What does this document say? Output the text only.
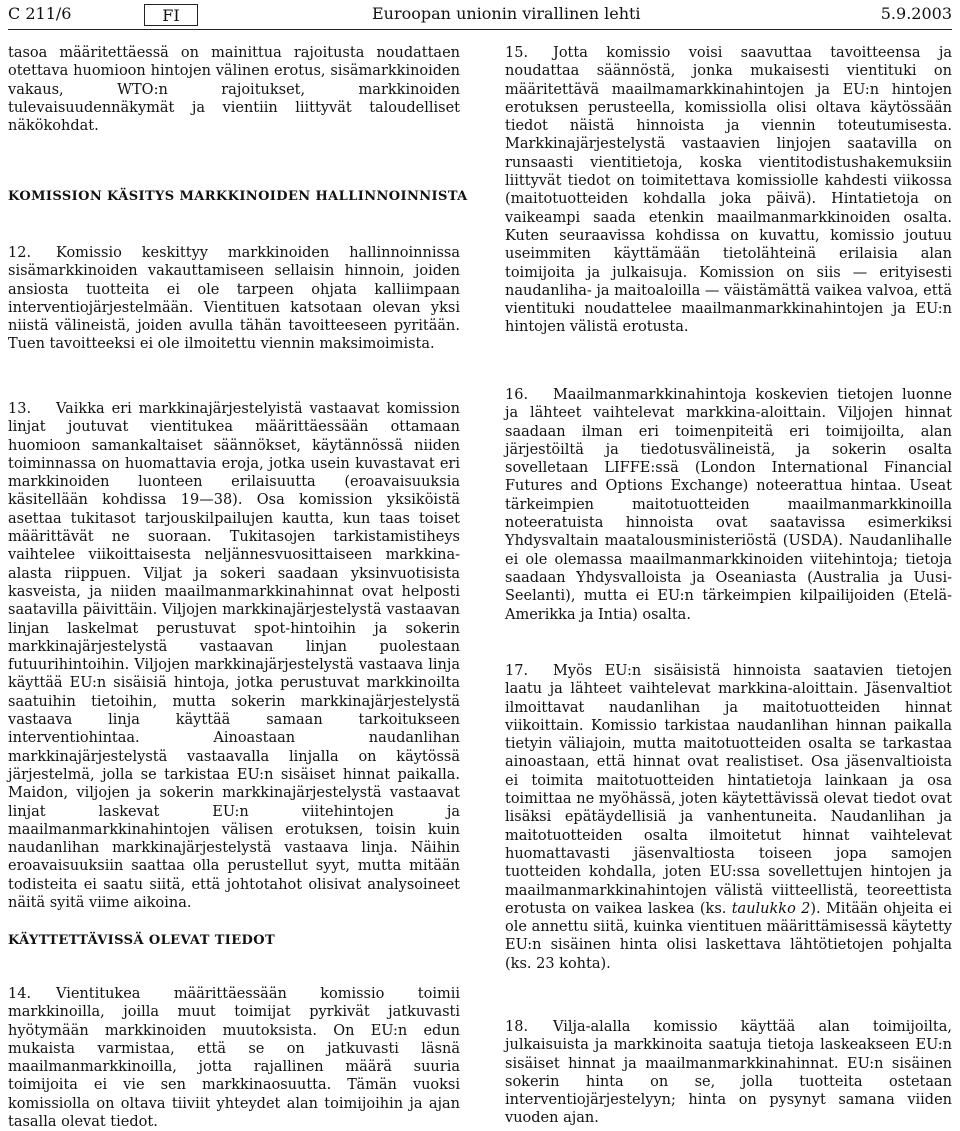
C 211/6	FI	Euroopan unionin virallinen lehti	5.9.2003
tasoa määritettäessä on mainittua rajoitusta noudattaen otettava huomioon hintojen välinen erotus, sisämarkkinoiden vakaus, WTO:n rajoitukset, markkinoiden tulevaisuudennäkymät ja vientiin liittyvät taloudelliset näkökohdat.
KOMISSION KÄSITYS MARKKINOIDEN HALLINNOINNISTA
12. Komissio keskittyy markkinoiden hallinnoinnissa sisämarkkinoiden vakauttamiseen sellaisin hinnoin, joiden ansiosta tuotteita ei ole tarpeen ohjata kalliimpaan interventiojärjestelmään. Vientituen katsotaan olevan yksi niistä välineistä, joiden avulla tähän tavoitteeseen pyritään. Tuen tavoitteeksi ei ole ilmoitettu viennin maksimoimista.
13. Vaikka eri markkinajärjestelyistä vastaavat komission linjat joutuvat vientitukea määrittäessään ottamaan huomioon samankaltaiset säännökset, käytännössä niiden toiminnassa on huomattavia eroja, jotka usein kuvastavat eri markkinoiden luonteen erilaisuutta (eroavaisuuksia käsitellään kohdissa 19—38). Osa komission yksiköistä asettaa tukitasot tarjouskilpailujen kautta, kun taas toiset määrittävät ne suoraan. Tukitasojen tarkistamistiheys vaihtelee viikoittaisesta neljännesvuosittaiseen markkina-alasta riippuen. Viljat ja sokeri saadaan yksinvuotisista kasveista, ja niiden maailmanmarkkinahinnat ovat helposti saatavilla päivittäin. Viljojen markkinajärjestelystä vastaavan linjan laskelmat perustuvat spot-hintoihin ja sokerin markkinajärjestelystä vastaavan linjan puolestaan futuurihintoihin. Viljojen markkinajärjestelystä vastaava linja käyttää EU:n sisäisiä hintoja, jotka perustuvat markkinoilta saatuihin tietoihin, mutta sokerin markkinajärjestelystä vastaava linja käyttää samaan tarkoitukseen interventiohintaa. Ainoastaan naudanlihan markkinajärjestelystä vastaavalla linjalla on käytössä järjestelmä, jolla se tarkistaa EU:n sisäiset hinnat paikalla. Maidon, viljojen ja sokerin markkinajärjestelystä vastaavat linjat laskevat EU:n viitehintojen ja maailmanmarkkinahintojen välisen erotuksen, toisin kuin naudanlihan markkinajärjestelystä vastaava linja. Näihin eroavaisuuksiin saattaa olla perustellut syyt, mutta mitään todisteita ei saatu siitä, että johtotahot olisivat analysoineet näitä syitä viime aikoina.
KÄYTTETTÄVISSÄ OLEVAT TIEDOT
14. Vientitukea määrittäessään komissio toimii markkinoilla, joilla muut toimijat pyrkivät jatkuvasti hyötymään markkinoiden muutoksista. On EU:n edun mukaista varmistaa, että se on jatkuvasti läsnä maailmanmarkkinoilla, jotta rajallinen määrä suuria toimijoita ei vie sen markkinaosuutta. Tämän vuoksi komissiolla on oltava tiiviit yhteydet alan toimijoihin ja ajan tasalla olevat tiedot.
15. Jotta komissio voisi saavuttaa tavoitteensa ja noudattaa säännöstä, jonka mukaisesti vientituki on määritettävä maailmamarkkinahintojen ja EU:n hintojen erotuksen perusteella, komissiolla olisi oltava käytössään tiedot näistä hinnoista ja viennin toteutumisesta. Markkinajärjestelystä vastaavien linjojen saatavilla on runsaasti vientitietoja, koska vientitodistushakemuksiin liittyvät tiedot on toimitettava komissiolle kahdesti viikossa (maitotuotteiden kohdalla joka päivä). Hintatietoja on vaikeampi saada etenkin maailmanmarkkinoiden osalta. Kuten seuraavissa kohdissa on kuvattu, komissio joutuu useimmiten käyttämään tietolähteinä erilaisia alan toimijoita ja julkaisuja. Komission on siis — erityisesti naudanliha- ja maitoaloilla — väistämättä vaikea valvoa, että vientituki noudattelee maailmanmarkkinahintojen ja EU:n hintojen välistä erotusta.
16. Maailmanmarkkinahintoja koskevien tietojen luonne ja lähteet vaihtelevat markkina-aloittain. Viljojen hinnat saadaan ilman eri toimenpiteitä eri toimijoilta, alan järjestöiltä ja tiedotusvälineistä, ja sokerin osalta sovelletaan LIFFE:ssä (London International Financial Futures and Options Exchange) noteerattua hintaa. Useat tärkeimpien maitotuotteiden maailmanmarkkinoilla noteeratuista hinnoista ovat saatavissa esimerkiksi Yhdysvaltain maatalousministeriöstä (USDA). Naudanlihalle ei ole olemassa maailmanmarkkinoiden viitehintoja; tietoja saadaan Yhdysvalloista ja Oseaniasta (Australia ja Uusi-Seelanti), mutta ei EU:n tärkeimpien kilpailijoiden (Etelä-Amerikka ja Intia) osalta.
17. Myös EU:n sisäisistä hinnoista saatavien tietojen laatu ja lähteet vaihtelevat markkina-aloittain. Jäsenvaltiot ilmoittavat naudanlihan ja maitotuotteiden hinnat viikoittain. Komissio tarkistaa naudanlihan hinnan paikalla tietyin väliajoin, mutta maitotuotteiden osalta se tarkastaa ainoastaan, että hinnat ovat realistiset. Osa jäsenvaltioista ei toimita maitotuotteiden hintatietoja lainkaan ja osa toimittaa ne myöhässä, joten käytettävissä olevat tiedot ovat lisäksi epätäydellisiä ja vanhentuneita. Naudanlihan ja maitotuotteiden osalta ilmoitetut hinnat vaihtelevat huomattavasti jäsenvaltiosta toiseen jopa samojen tuotteiden kohdalla, joten EU:ssa sovellettujen hintojen ja maailmanmarkkinahintojen välistä viitteellistä, teoreettista erotusta on vaikea laskea (ks. taulukko 2). Mitään ohjeita ei ole annettu siitä, kuinka vientituen määrittämisessä käytetty EU:n sisäinen hinta olisi laskettava lähtötietojen pohjalta (ks. 23 kohta).
18. Vilja-alalla komissio käyttää alan toimijoilta, julkaisuista ja markkinoita saatuja tietoja laskeakseen EU:n sisäiset hinnat ja maailmanmarkkinahinnat. EU:n sisäinen sokerin hinta on se, jolla tuotteita ostetaan interventiojärjestelyyn; hinta on pysynyt samana viiden vuoden ajan.
